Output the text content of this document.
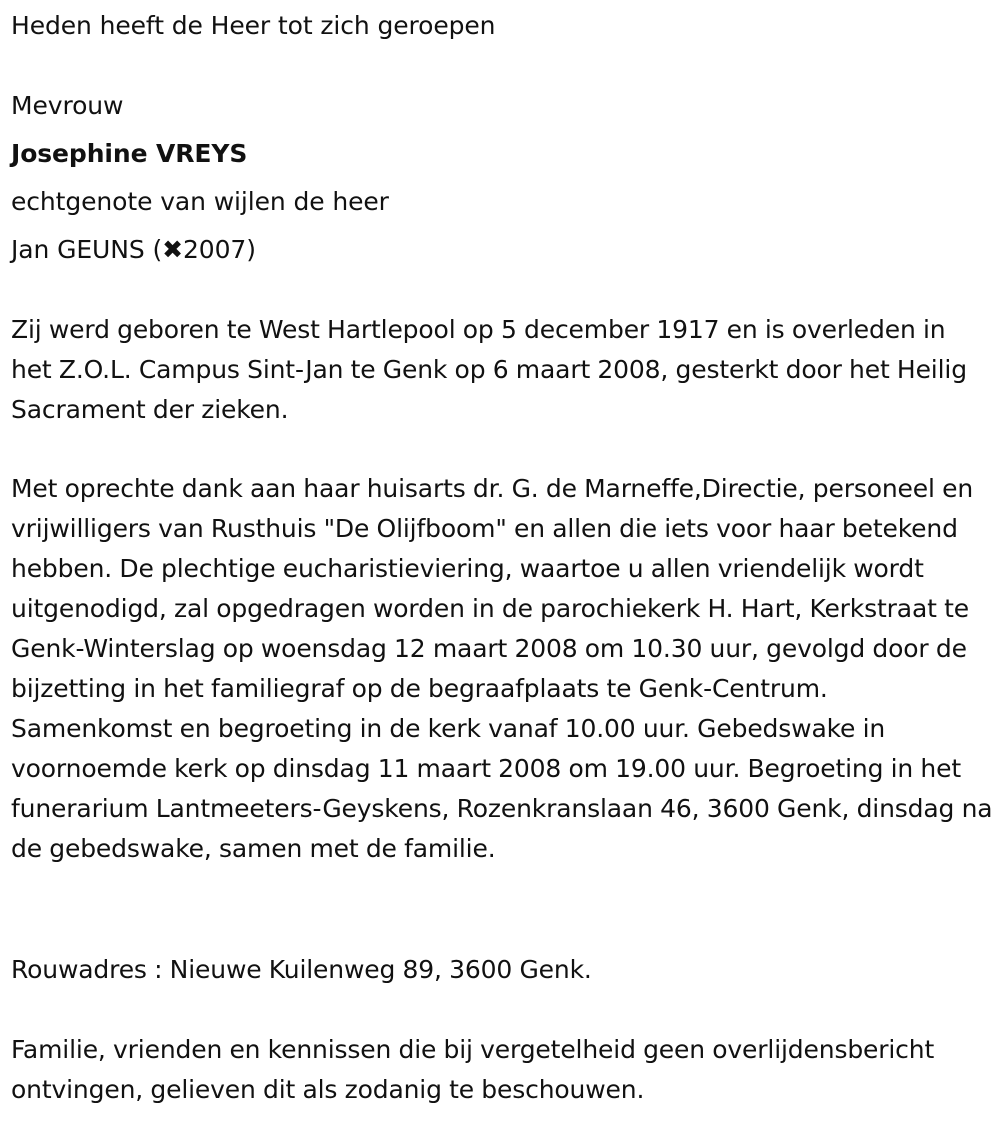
Heden heeft de Heer tot zich geroepen
Mevrouw
Josephine VREYS
echtgenote van wijlen de heer
Jan GEUNS (✖2007)
Zij werd geboren te West Hartlepool op 5 december 1917 en is overleden in het Z.O.L. Campus Sint-Jan te Genk op 6 maart 2008, gesterkt door het Heilig Sacrament der zieken.
Met oprechte dank aan haar huisarts dr. G. de Marneffe,Directie, personeel en vrijwilligers van Rusthuis "De Olijfboom" en allen die iets voor haar betekend hebben. De plechtige eucharistieviering, waartoe u allen vriendelijk wordt uitgenodigd, zal opgedragen worden in de parochiekerk H. Hart, Kerkstraat te Genk-Winterslag op woensdag 12 maart 2008 om 10.30 uur, gevolgd door de bijzetting in het familiegraf op de begraafplaats te Genk-Centrum. Samenkomst en begroeting in de kerk vanaf 10.00 uur. Gebedswake in voornoemde kerk op dinsdag 11 maart 2008 om 19.00 uur. Begroeting in het funerarium Lantmeeters-Geyskens, Rozenkranslaan 46, 3600 Genk, dinsdag na de gebedswake, samen met de familie.
Rouwadres : Nieuwe Kuilenweg 89, 3600 Genk.
Familie, vrienden en kennissen die bij vergetelheid geen overlijdensbericht ontvingen, gelieven dit als zodanig te beschouwen.
